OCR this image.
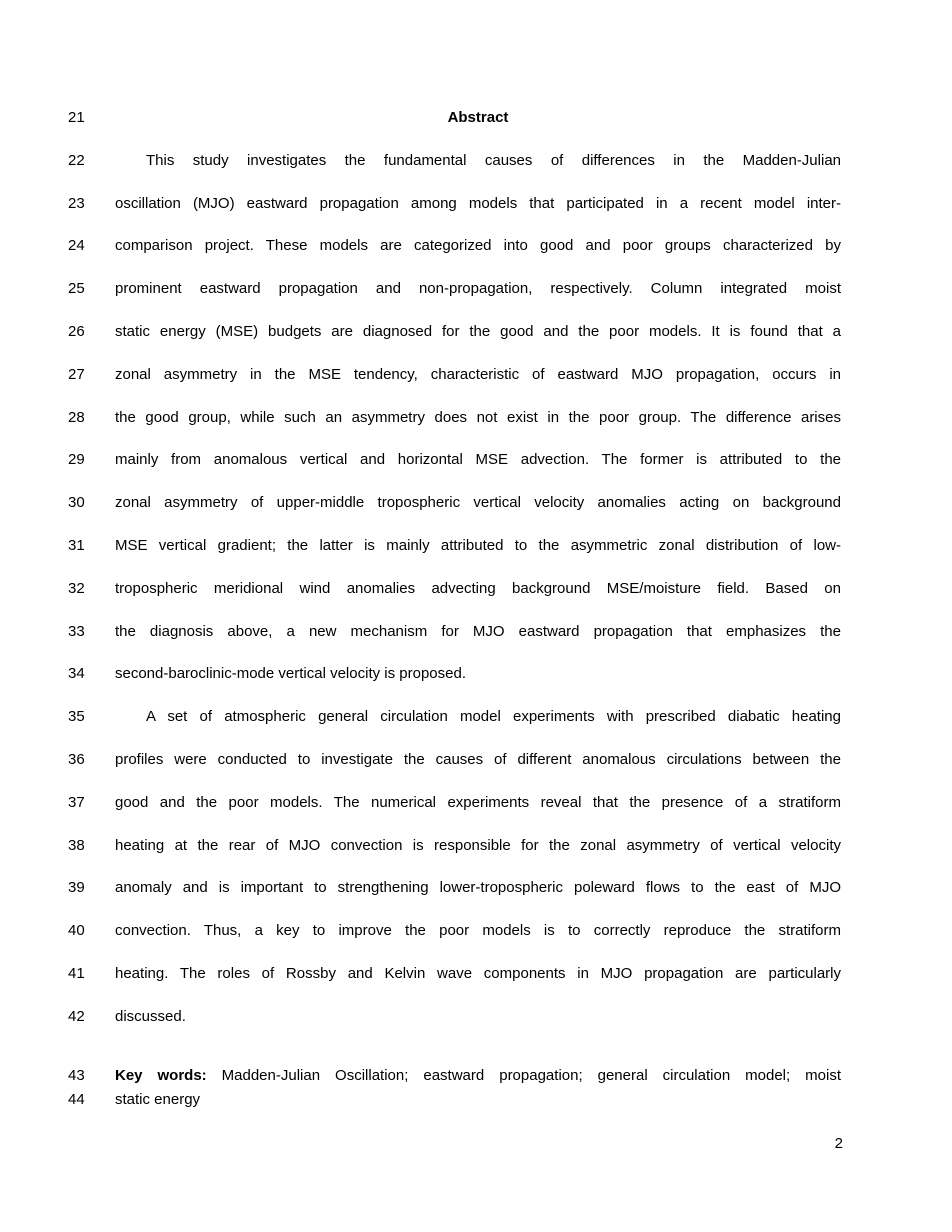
21	Abstract
22	This study investigates the fundamental causes of differences in the Madden-Julian
23	oscillation (MJO) eastward propagation among models that participated in a recent model inter-
24	comparison project. These models are categorized into good and poor groups characterized by
25	prominent eastward propagation and non-propagation, respectively. Column integrated moist
26	static energy (MSE) budgets are diagnosed for the good and the poor models. It is found that a
27	zonal asymmetry in the MSE tendency, characteristic of eastward MJO propagation, occurs in
28	the good group, while such an asymmetry does not exist in the poor group. The difference arises
29	mainly from anomalous vertical and horizontal MSE advection. The former is attributed to the
30	zonal asymmetry of upper-middle tropospheric vertical velocity anomalies acting on background
31	MSE vertical gradient; the latter is mainly attributed to the asymmetric zonal distribution of low-
32	tropospheric meridional wind anomalies advecting background MSE/moisture field. Based on
33	the diagnosis above, a new mechanism for MJO eastward propagation that emphasizes the
34	second-baroclinic-mode vertical velocity is proposed.
35	A set of atmospheric general circulation model experiments with prescribed diabatic heating
36	profiles were conducted to investigate the causes of different anomalous circulations between the
37	good and the poor models. The numerical experiments reveal that the presence of a stratiform
38	heating at the rear of MJO convection is responsible for the zonal asymmetry of vertical velocity
39	anomaly and is important to strengthening lower-tropospheric poleward flows to the east of MJO
40	convection. Thus, a key to improve the poor models is to correctly reproduce the stratiform
41	heating. The roles of Rossby and Kelvin wave components in MJO propagation are particularly
42	discussed.
43	Key words: Madden-Julian Oscillation; eastward propagation; general circulation model; moist
44	static energy
2
